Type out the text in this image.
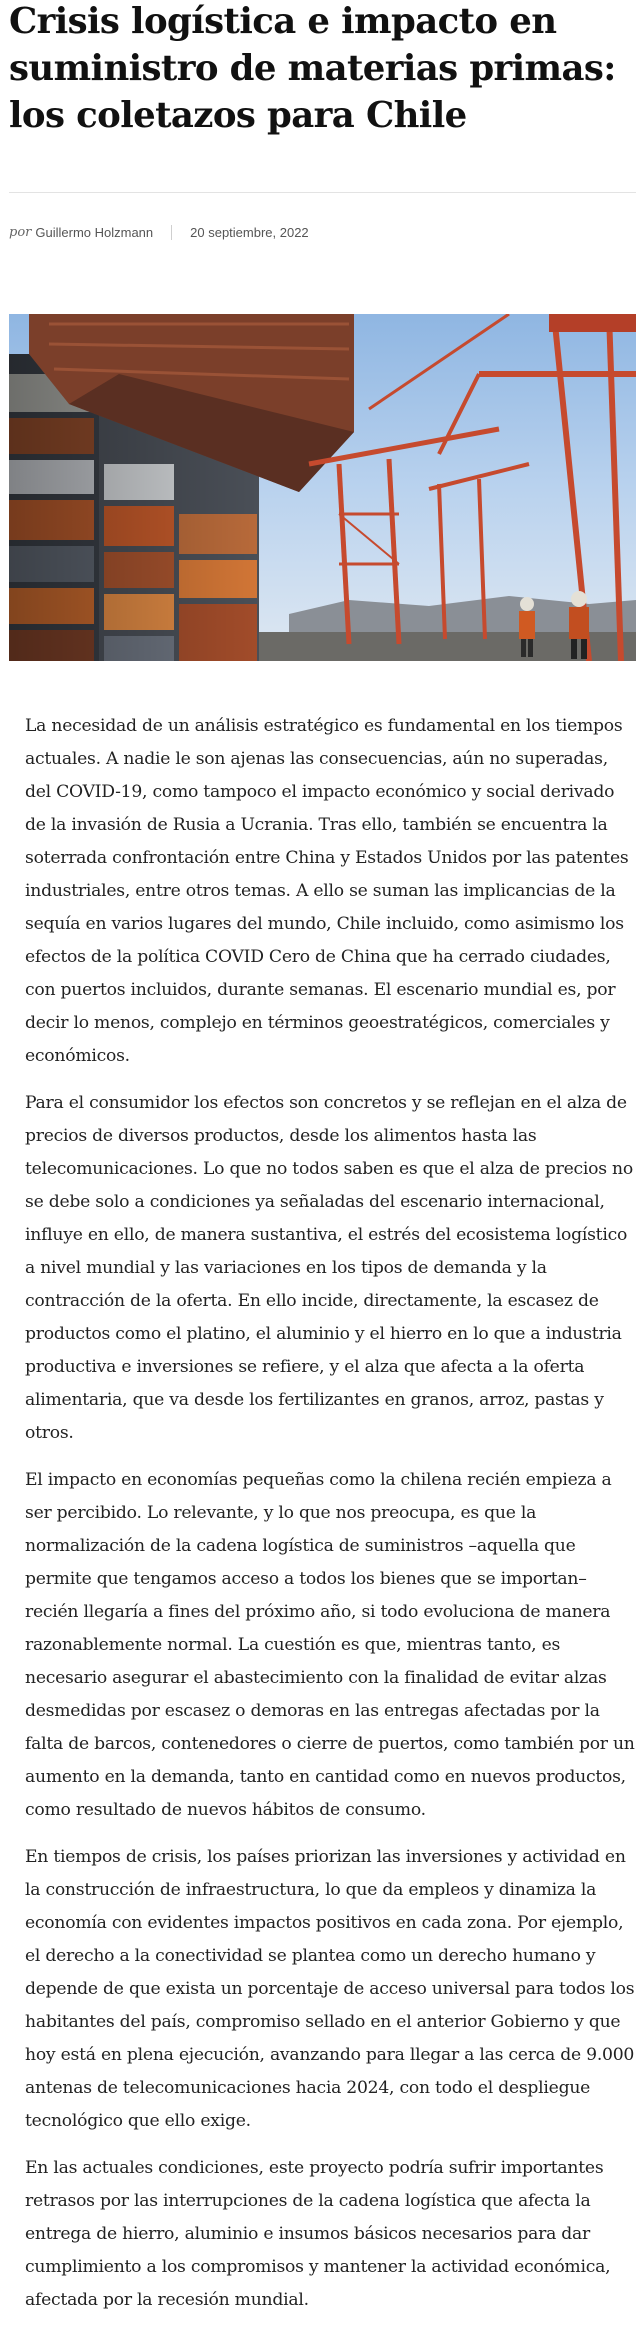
Crisis logística e impacto en suministro de materias primas: los coletazos para Chile
por Guillermo Holzmann	20 septiembre, 2022

La necesidad de un análisis estratégico es fundamental en los tiempos actuales. A nadie le son ajenas las consecuencias, aún no superadas, del COVID-19, como tampoco el impacto económico y social derivado de la invasión de Rusia a Ucrania. Tras ello, también se encuentra la soterrada confrontación entre China y Estados Unidos por las patentes industriales, entre otros temas. A ello se suman las implicancias de la sequía en varios lugares del mundo, Chile incluido, como asimismo los efectos de la política COVID Cero de China que ha cerrado ciudades, con puertos incluidos, durante semanas. El escenario mundial es, por decir lo menos, complejo en términos geoestratégicos, comerciales y económicos.

Para el consumidor los efectos son concretos y se reflejan en el alza de precios de diversos productos, desde los alimentos hasta las telecomunicaciones. Lo que no todos saben es que el alza de precios no se debe solo a condiciones ya señaladas del escenario internacional, influye en ello, de manera sustantiva, el estrés del ecosistema logístico a nivel mundial y las variaciones en los tipos de demanda y la contracción de la oferta. En ello incide, directamente, la escasez de productos como el platino, el aluminio y el hierro en lo que a industria productiva e inversiones se refiere, y el alza que afecta a la oferta alimentaria, que va desde los fertilizantes en granos, arroz, pastas y otros.

El impacto en economías pequeñas como la chilena recién empieza a ser percibido. Lo relevante, y lo que nos preocupa, es que la normalización de la cadena logística de suministros –aquella que permite que tengamos acceso a todos los bienes que se importan– recién llegaría a fines del próximo año, si todo evoluciona de manera razonablemente normal. La cuestión es que, mientras tanto, es necesario asegurar el abastecimiento con la finalidad de evitar alzas desmedidas por escasez o demoras en las entregas afectadas por la falta de barcos, contenedores o cierre de puertos, como también por un aumento en la demanda, tanto en cantidad como en nuevos productos, como resultado de nuevos hábitos de consumo.

En tiempos de crisis, los países priorizan las inversiones y actividad en la construcción de infraestructura, lo que da empleos y dinamiza la economía con evidentes impactos positivos en cada zona. Por ejemplo, el derecho a la conectividad se plantea como un derecho humano y depende de que exista un porcentaje de acceso universal para todos los habitantes del país, compromiso sellado en el anterior Gobierno y que hoy está en plena ejecución, avanzando para llegar a las cerca de 9.000 antenas de telecomunicaciones hacia 2024, con todo el despliegue tecnológico que ello exige.

En las actuales condiciones, este proyecto podría sufrir importantes retrasos por las interrupciones de la cadena logística que afecta la entrega de hierro, aluminio e insumos básicos necesarios para dar cumplimiento a los compromisos y mantener la actividad económica, afectada por la recesión mundial.
